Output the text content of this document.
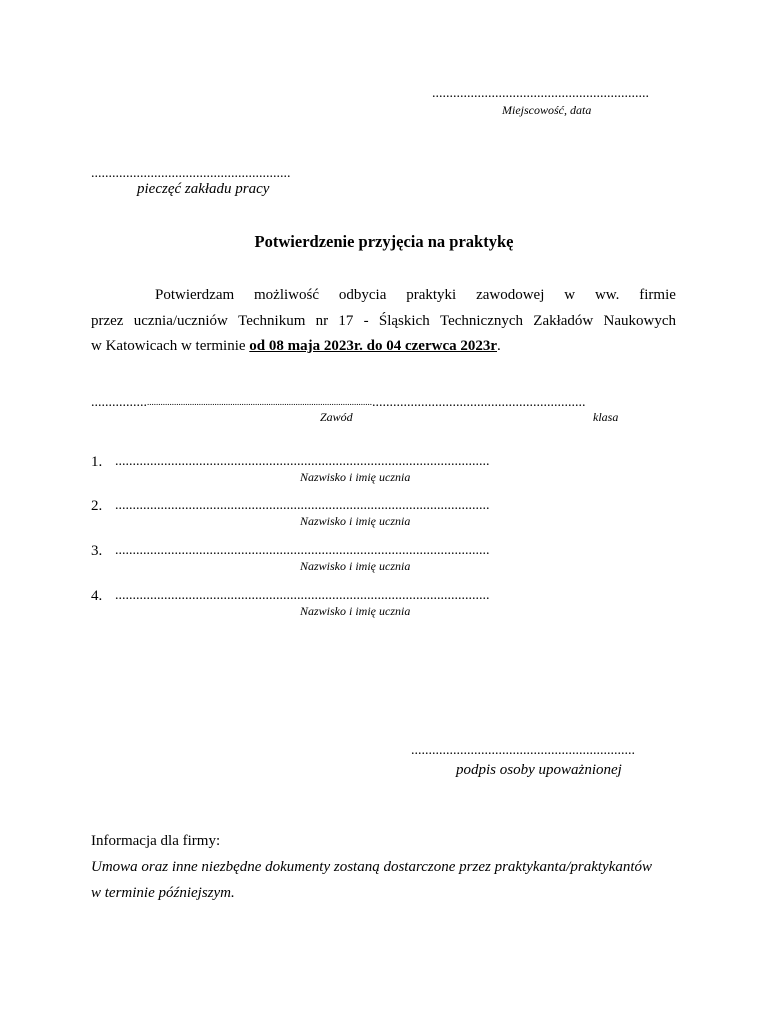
..............................................................
Miejscowość, data
.........................................................
pieczęć zakładu pracy
Potwierdzenie przyjęcia na praktykę
Potwierdzam możliwość odbycia praktyki zawodowej w ww. firmie
przez ucznia/uczniów Technikum nr 17 - Śląskich Technicznych Zakładów Naukowych
w Katowicach w terminie od 08 maja 2023r. do 04 czerwca 2023r.
.................................................................................................................................................................................
Zawód	klasa
1. ...........................................................................................................
Nazwisko i imię ucznia
2. ...........................................................................................................
Nazwisko i imię ucznia
3. ...........................................................................................................
Nazwisko i imię ucznia
4. ...........................................................................................................
Nazwisko i imię ucznia
................................................................
podpis osoby upoważnionej
Informacja dla firmy:
Umowa oraz inne niezbędne dokumenty zostaną dostarczone przez praktykanta/praktykantów
w terminie późniejszym.
